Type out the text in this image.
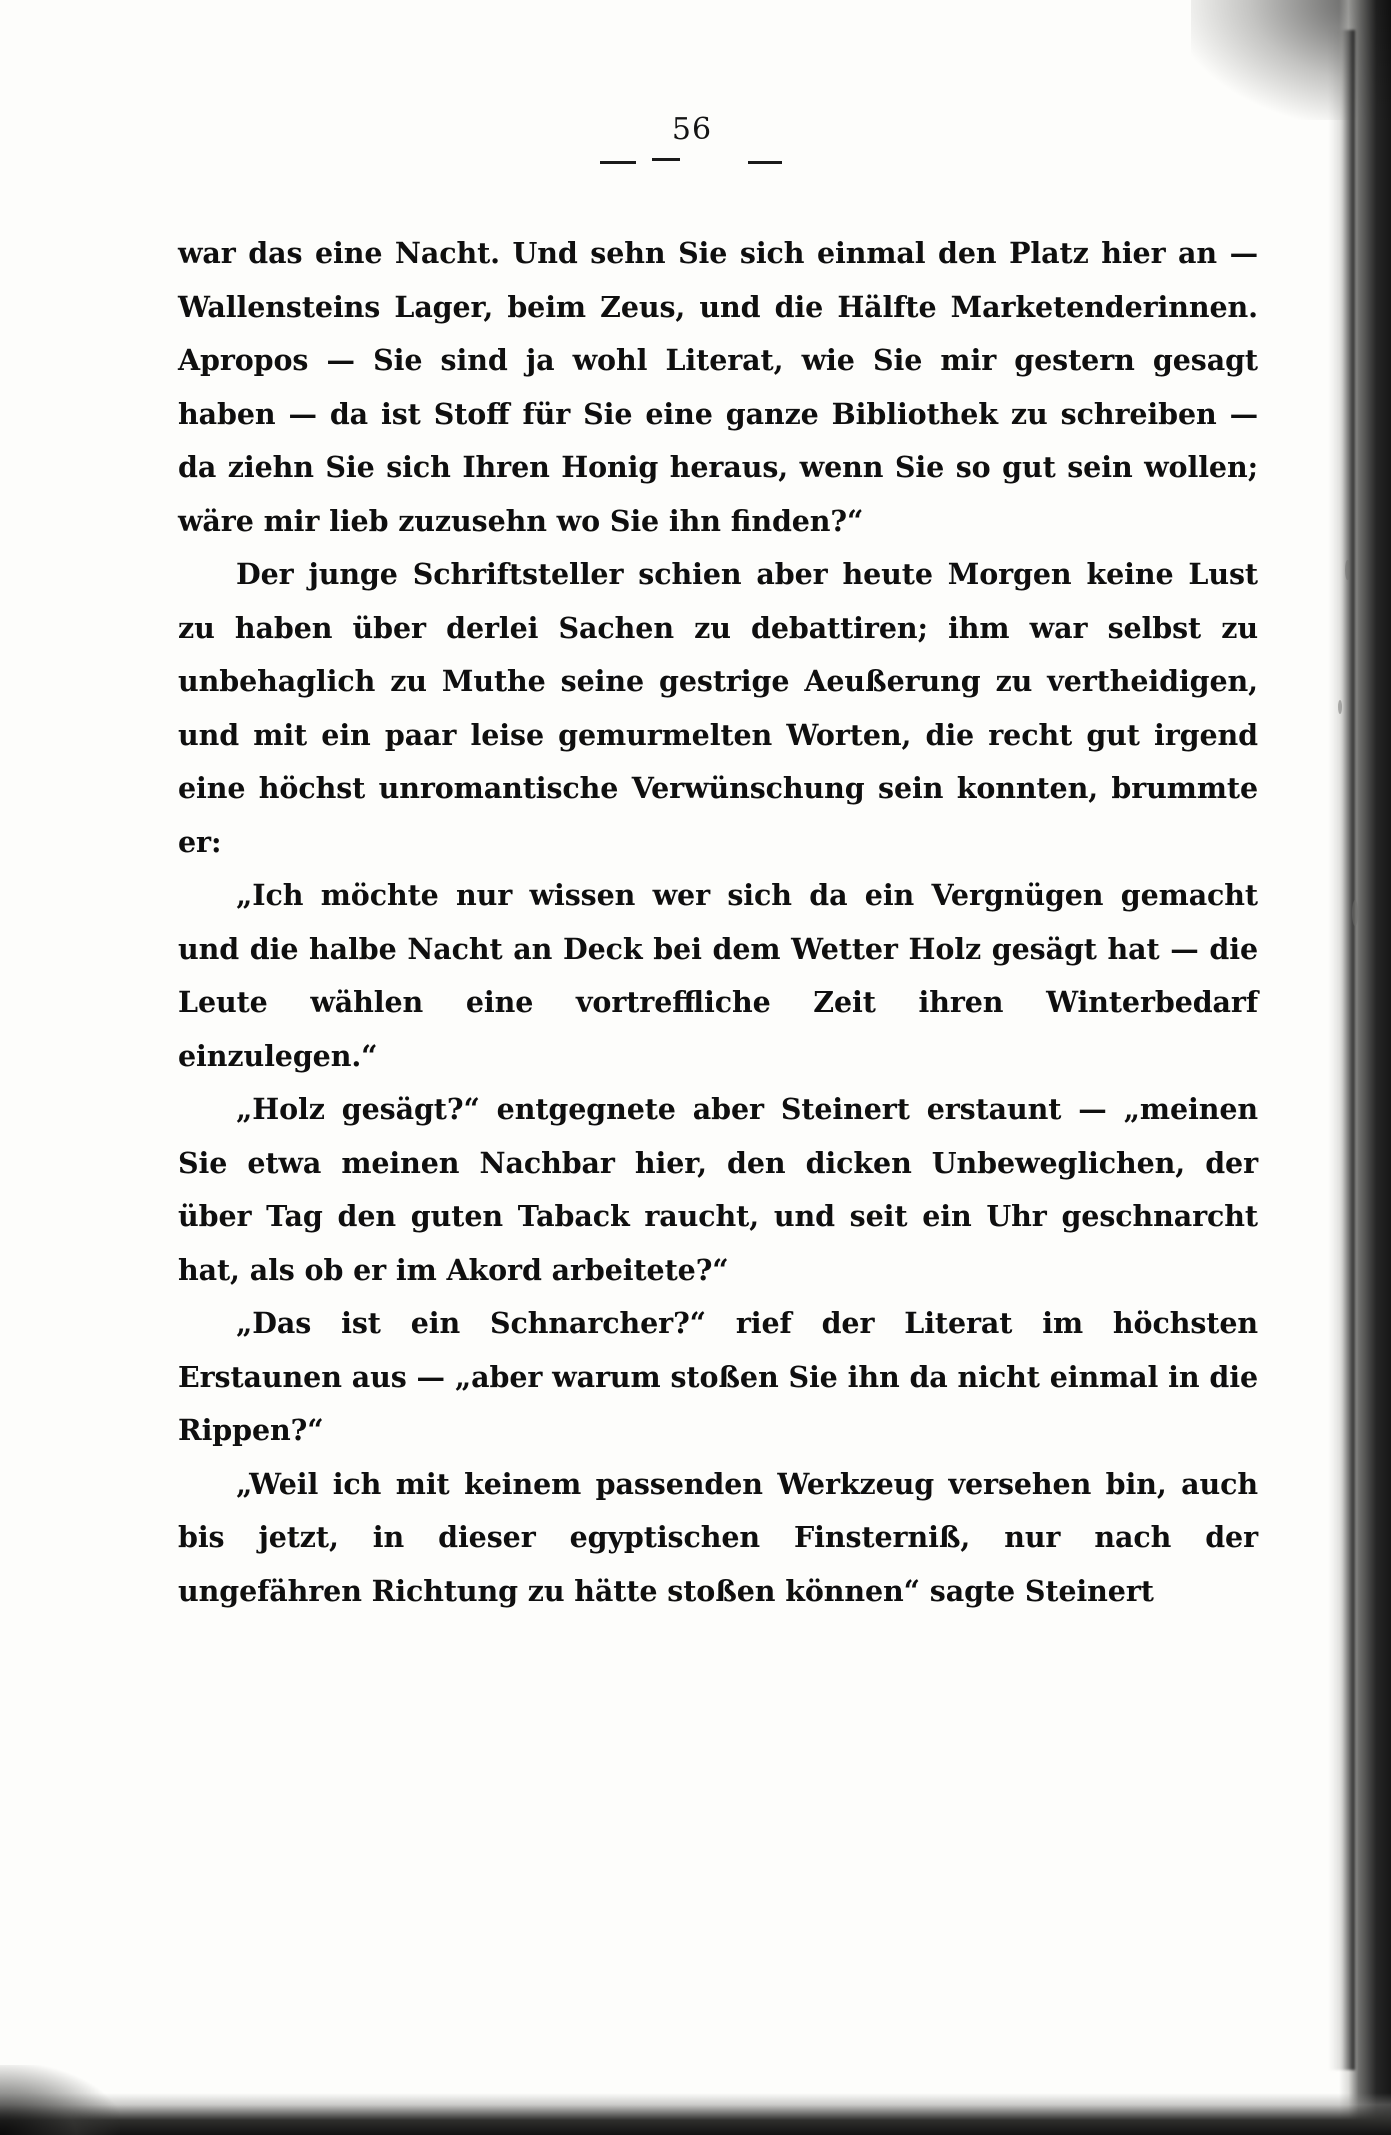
56

war das eine Nacht. Und sehn Sie sich einmal den Platz hier an — Wallensteins Lager, beim Zeus, und die Hälfte Marketenderinnen. Apropos — Sie sind ja wohl Literat, wie Sie mir gestern gesagt haben — da ist Stoff für Sie eine ganze Bibliothek zu schreiben — da ziehn Sie sich Ihren Honig heraus, wenn Sie so gut sein wollen; wäre mir lieb zuzusehn wo Sie ihn finden?“

Der junge Schriftsteller schien aber heute Morgen keine Lust zu haben über derlei Sachen zu debattiren; ihm war selbst zu unbehaglich zu Muthe seine gestrige Aeußerung zu vertheidigen, und mit ein paar leise gemurmelten Worten, die recht gut irgend eine höchst unromantische Verwünschung sein konnten, brummte er:

„Ich möchte nur wissen wer sich da ein Vergnügen gemacht und die halbe Nacht an Deck bei dem Wetter Holz gesägt hat — die Leute wählen eine vortreffliche Zeit ihren Winterbedarf einzulegen.“

„Holz gesägt?“ entgegnete aber Steinert erstaunt — „meinen Sie etwa meinen Nachbar hier, den dicken Unbeweglichen, der über Tag den guten Taback raucht, und seit ein Uhr geschnarcht hat, als ob er im Akord arbeitete?“

„Das ist ein Schnarcher?“ rief der Literat im höchsten Erstaunen aus — „aber warum stoßen Sie ihn da nicht einmal in die Rippen?“

„Weil ich mit keinem passenden Werkzeug versehen bin, auch bis jetzt, in dieser egyptischen Finsterniß, nur nach der ungefähren Richtung zu hätte stoßen können“ sagte Steinert
